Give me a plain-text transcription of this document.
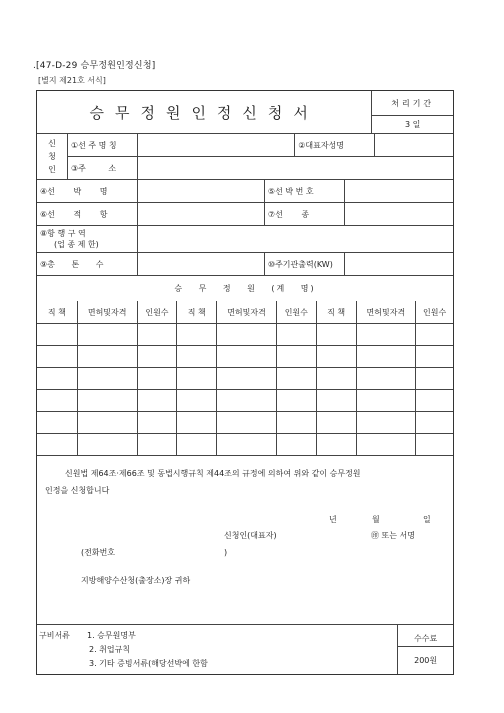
.[47-D-29 승무정원인정신청]
[별지 제21호 서식]
승무정원인정신청서
처리기간
3 일
신청인
①선 주 명 칭	②대표자성명
③주 소
④선 박 명	⑤선 박 번 호
⑥선 적 항	⑦선 종
⑧항 행 구 역
(업 종 제 한)
⑨총 톤 수	⑩주기관출력(KW)
승 무 정 원 (계 명)
직 책	면허및자격	인원수	직 책	면허및자격	인원수	직 책	면허및자격	인원수
신원법 제64조·제66조 및 동법시행규칙 제44조의 규정에 의하여 위와 같이 승무정원
인정을 신청합니다
년	월	일
신청인(대표자)	㊞ 또는 서명
(전화번호	)
지방해양수산청(출장소)장 귀하
구비서류	1. 승무원명부
2. 취업규칙
3. 기타 증빙서류(해당선박에 한함
수수료
200원
